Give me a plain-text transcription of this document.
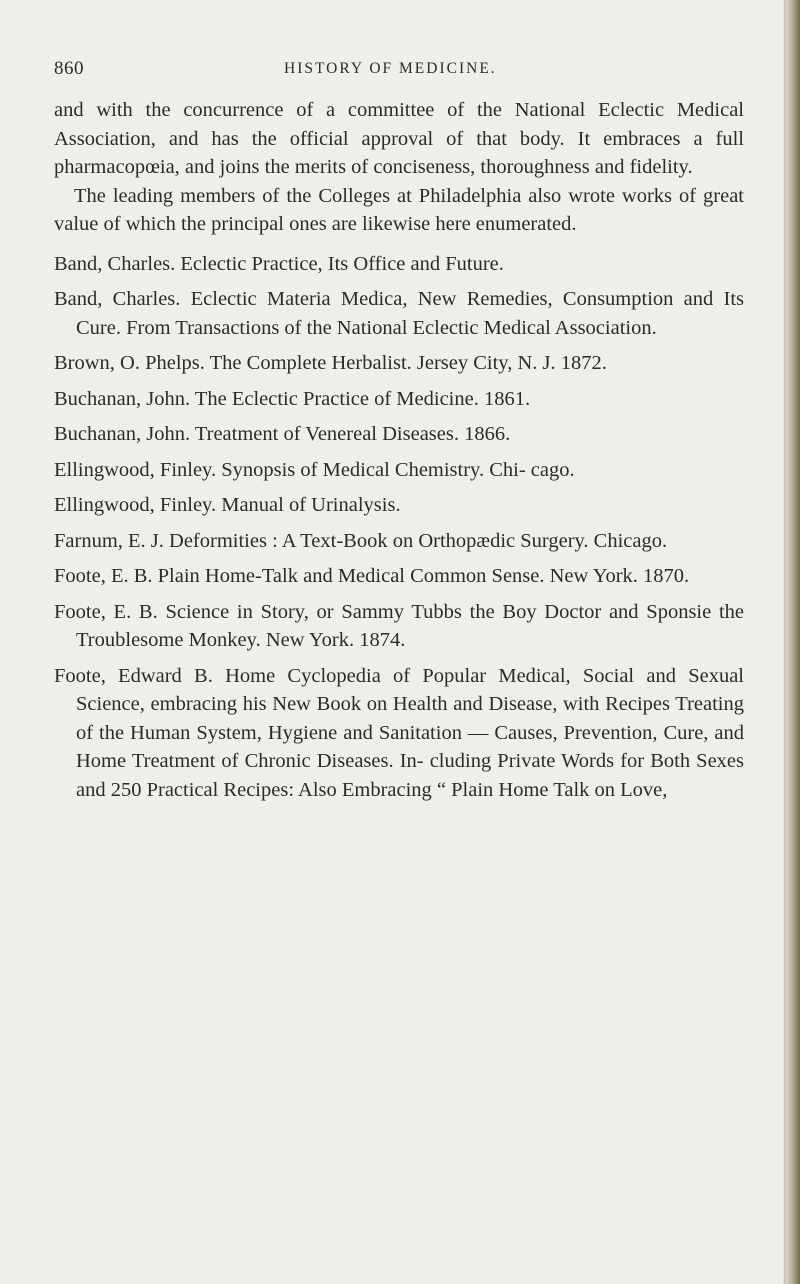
860	HISTORY OF MEDICINE.

and with the concurrence of a committee of the National Eclectic Medical Association, and has the official approval of that body. It embraces a full pharmacopœia, and joins the merits of conciseness, thoroughness and fidelity.

The leading members of the Colleges at Philadelphia also wrote works of great value of which the principal ones are likewise here enumerated.

Band, Charles. Eclectic Practice, Its Office and Future.
Band, Charles. Eclectic Materia Medica, New Remedies, Consumption and Its Cure. From Transactions of the National Eclectic Medical Association.
Brown, O. Phelps. The Complete Herbalist. Jersey City, N. J. 1872.
Buchanan, John. The Eclectic Practice of Medicine. 1861.
Buchanan, John. Treatment of Venereal Diseases. 1866.
Ellingwood, Finley. Synopsis of Medical Chemistry. Chi- cago.
Ellingwood, Finley. Manual of Urinalysis.
Farnum, E. J. Deformities : A Text-Book on Orthopædic Surgery. Chicago.
Foote, E. B. Plain Home-Talk and Medical Common Sense. New York. 1870.
Foote, E. B. Science in Story, or Sammy Tubbs the Boy Doctor and Sponsie the Troublesome Monkey. New York. 1874.
Foote, Edward B. Home Cyclopedia of Popular Medical, Social and Sexual Science, embracing his New Book on Health and Disease, with Recipes Treating of the Human System, Hygiene and Sanitation — Causes, Prevention, Cure, and Home Treatment of Chronic Diseases. In- cluding Private Words for Both Sexes and 250 Practical Recipes: Also Embracing “ Plain Home Talk on Love,
